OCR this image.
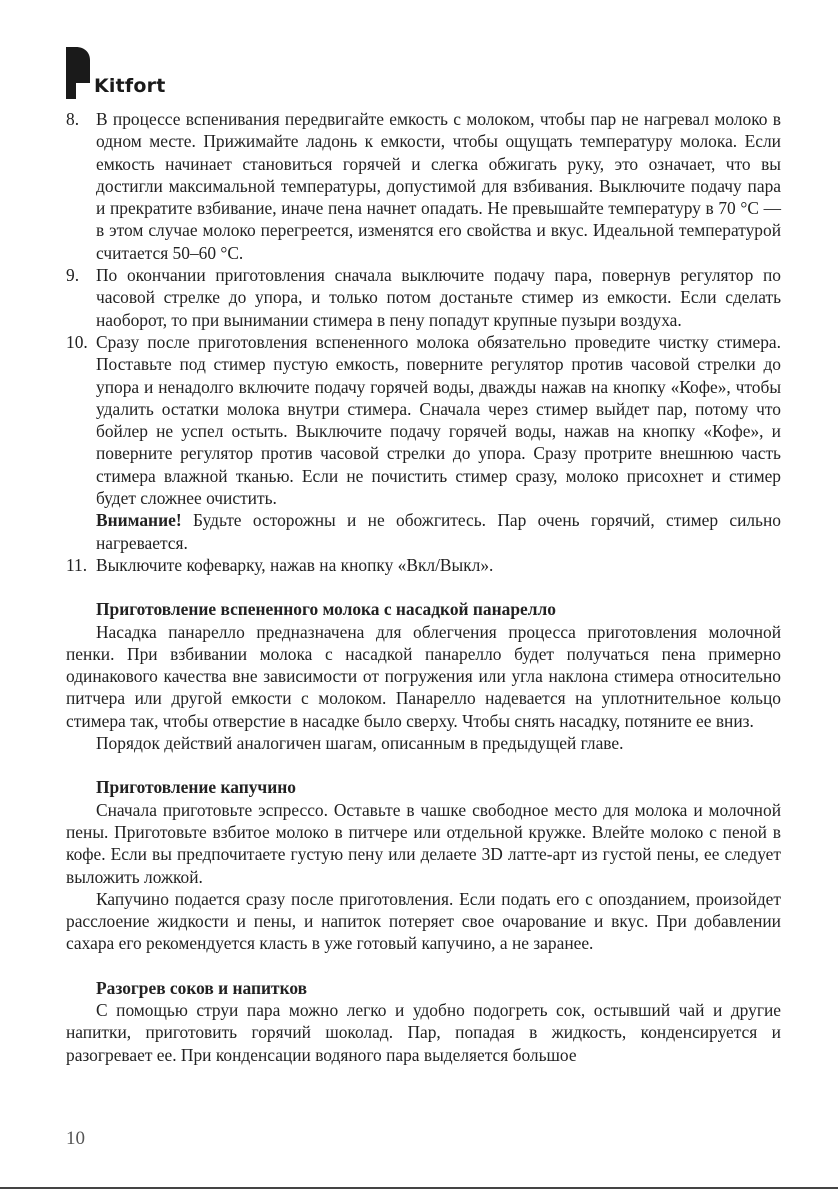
Kitfort
8. В процессе вспенивания передвигайте емкость с молоком, чтобы пар не нагревал молоко в одном месте. Прижимайте ладонь к емкости, чтобы ощущать температуру молока. Если емкость начинает становиться горячей и слегка обжигать руку, это означает, что вы достигли максимальной температуры, допустимой для взбивания. Выключите подачу пара и прекратите взбивание, иначе пена начнет опадать. Не превышайте температуру в 70 °C — в этом случае молоко перегреется, изменятся его свойства и вкус. Идеальной температурой считается 50–60 °C.
9. По окончании приготовления сначала выключите подачу пара, повернув регулятор по часовой стрелке до упора, и только потом достаньте стимер из емкости. Если сделать наоборот, то при вынимании стимера в пену попадут крупные пузыри воздуха.
10. Сразу после приготовления вспененного молока обязательно проведите чистку стимера. Поставьте под стимер пустую емкость, поверните регулятор против часовой стрелки до упора и ненадолго включите подачу горячей воды, дважды нажав на кнопку «Кофе», чтобы удалить остатки молока внутри стимера. Сначала через стимер выйдет пар, потому что бойлер не успел остыть. Выключите подачу горячей воды, нажав на кнопку «Кофе», и поверните регулятор против часовой стрелки до упора. Сразу протрите внешнюю часть стимера влажной тканью. Если не почистить стимер сразу, молоко присохнет и стимер будет сложнее очистить.
Внимание! Будьте осторожны и не обожгитесь. Пар очень горячий, стимер сильно нагревается.
11. Выключите кофеварку, нажав на кнопку «Вкл/Выкл».
Приготовление вспененного молока с насадкой панарелло

Насадка панарелло предназначена для облегчения процесса приготовления молочной пенки. При взбивании молока с насадкой панарелло будет получаться пена примерно одинакового качества вне зависимости от погружения или угла наклона стимера относительно питчера или другой емкости с молоком. Панарелло надевается на уплотнительное кольцо стимера так, чтобы отверстие в насадке было сверху. Чтобы снять насадку, потяните ее вниз.

Порядок действий аналогичен шагам, описанным в предыдущей главе.

Приготовление капучино

Сначала приготовьте эспрессо. Оставьте в чашке свободное место для молока и молочной пены. Приготовьте взбитое молоко в питчере или отдельной кружке. Влейте молоко с пеной в кофе. Если вы предпочитаете густую пену или делаете 3D латте-арт из густой пены, ее следует выложить ложкой.

Капучино подается сразу после приготовления. Если подать его с опозданием, произойдет расслоение жидкости и пены, и напиток потеряет свое очарование и вкус. При добавлении сахара его рекомендуется класть в уже готовый капучино, а не заранее.

Разогрев соков и напитков

С помощью струи пара можно легко и удобно подогреть сок, остывший чай и другие напитки, приготовить горячий шоколад. Пар, попадая в жидкость, конденсируется и разогревает ее. При конденсации водяного пара выделяется большое

10
